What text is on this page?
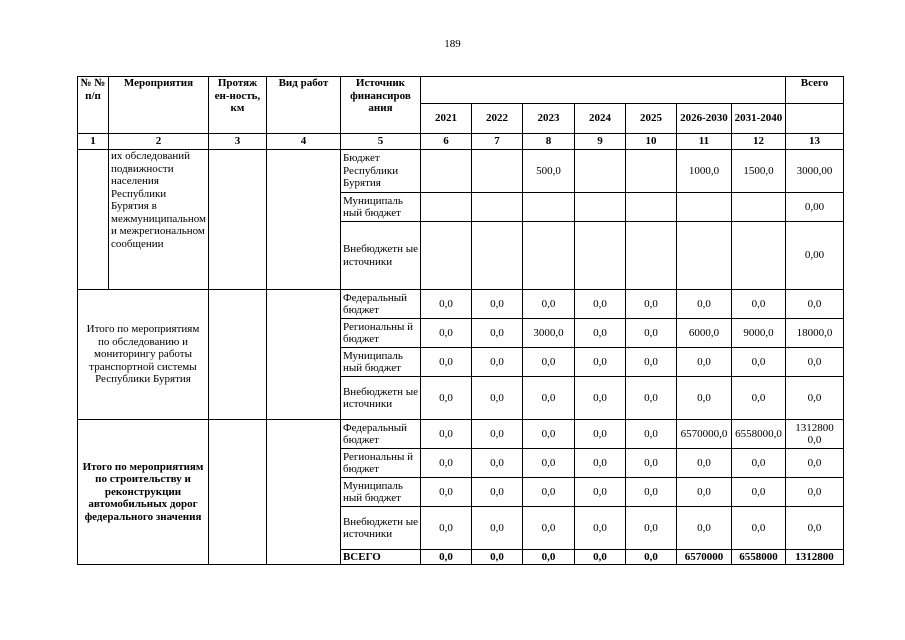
189
№ № п/п	Мероприятия	Протяж ен-ность, км	Вид работ	Источник финансиров ания								Всего
					2021	2022	2023	2024	2025	2026-2030	2031-2040	
1	2	3	4	5	6	7	8	9	10	11	12	13
	их обследований подвижности населения Республики Бурятия в межмуниципальном и межрегиональном сообщении			Бюджет Республики Бурятия			500,0			1000,0	1500,0	3000,00
				Муниципаль ный бюджет								0,00
				Внебюджетн ые источники								0,00
Итого по мероприятиям по обследованию и мониторингу работы транспортной системы Республики Бурятия				Федеральный бюджет	0,0	0,0	0,0	0,0	0,0	0,0	0,0	0,0
				Региональны й бюджет	0,0	0,0	3000,0	0,0	0,0	6000,0	9000,0	18000,0
				Муниципаль ный бюджет	0,0	0,0	0,0	0,0	0,0	0,0	0,0	0,0
				Внебюджетн ые источники	0,0	0,0	0,0	0,0	0,0	0,0	0,0	0,0
Итого по мероприятиям по строительству и реконструкции автомобильных дорог федерального значения				Федеральный бюджет	0,0	0,0	0,0	0,0	0,0	6570000,0	6558000,0	1312800 0,0
				Региональны й бюджет	0,0	0,0	0,0	0,0	0,0	0,0	0,0	0,0
				Муниципаль ный бюджет	0,0	0,0	0,0	0,0	0,0	0,0	0,0	0,0
				Внебюджетн ые источники	0,0	0,0	0,0	0,0	0,0	0,0	0,0	0,0
				ВСЕГО	0,0	0,0	0,0	0,0	0,0	6570000	6558000	1312800
